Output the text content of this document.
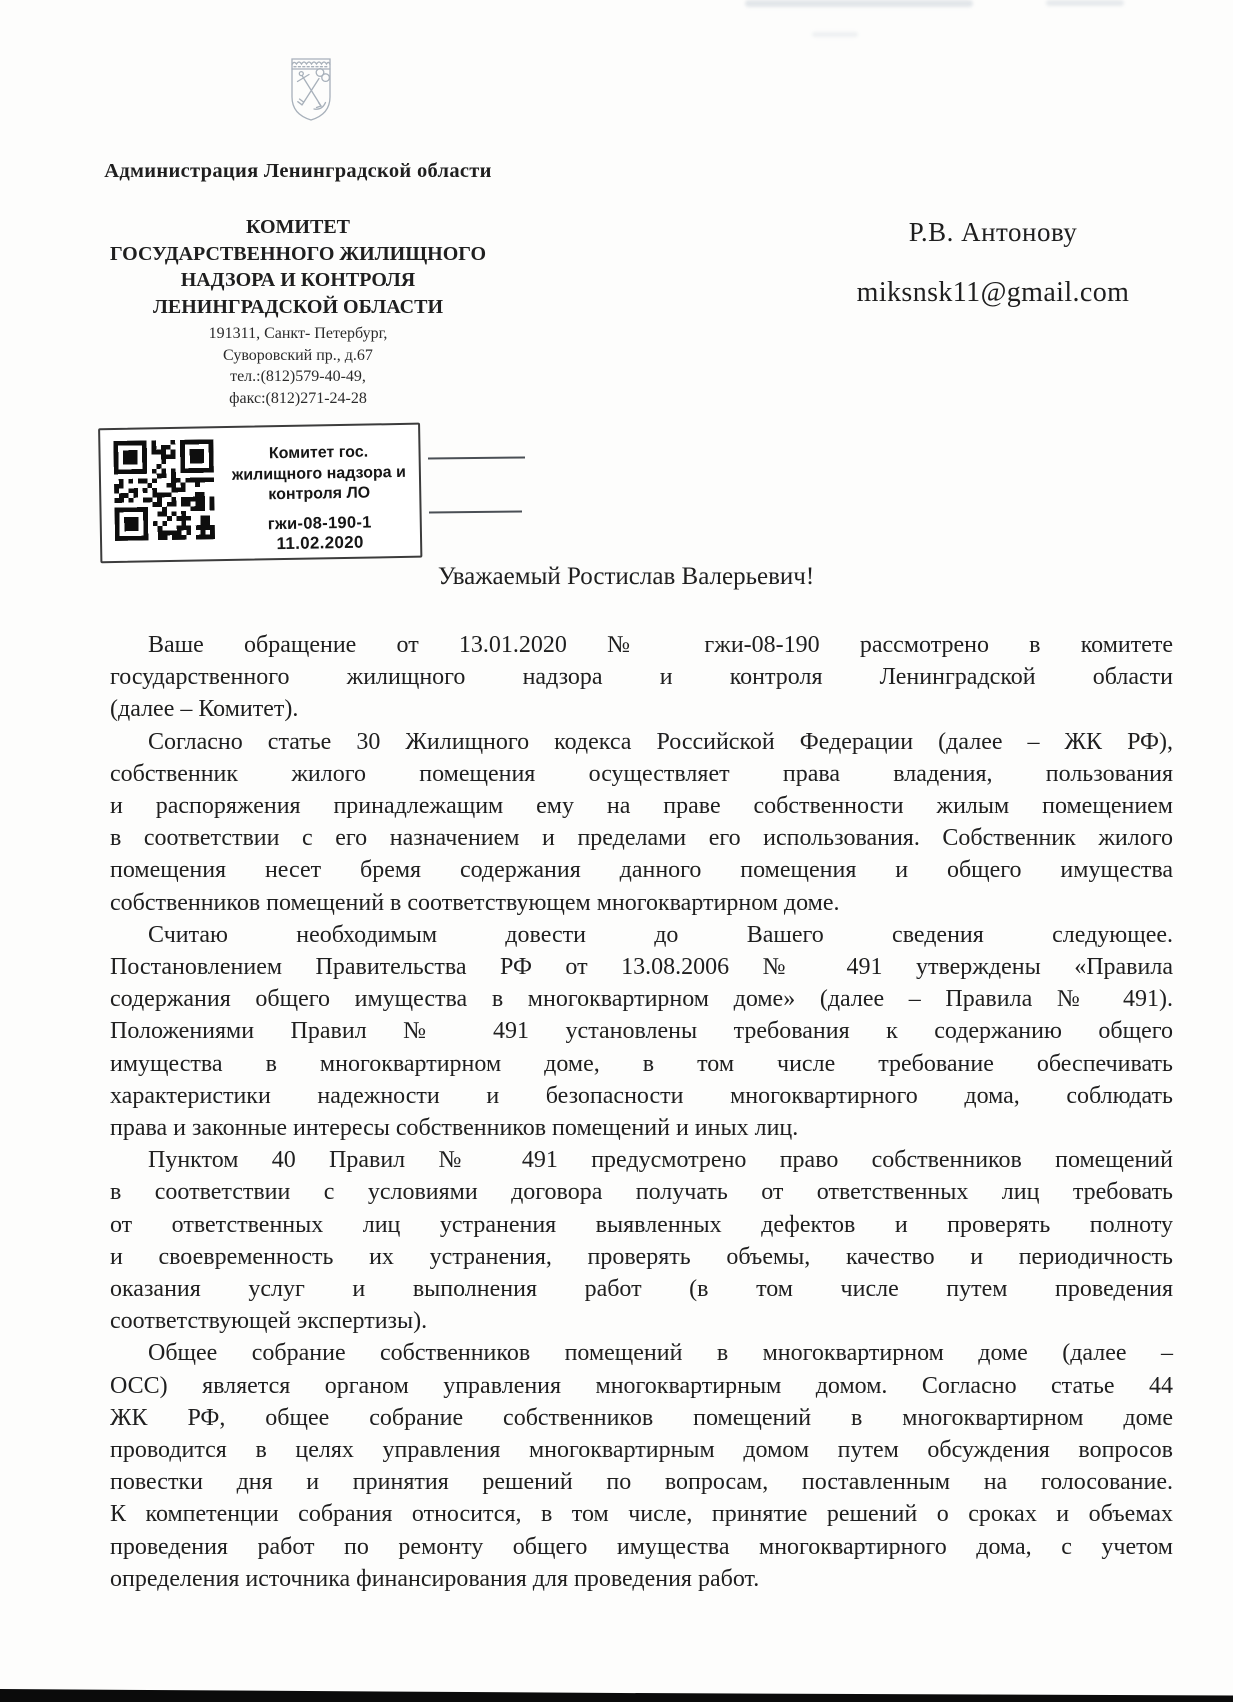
Администрация Ленинградской области
КОМИТЕТ
ГОСУДАРСТВЕННОГО ЖИЛИЩНОГО
НАДЗОРА И КОНТРОЛЯ
ЛЕНИНГРАДСКОЙ ОБЛАСТИ
191311, Санкт- Петербург,
Суворовский пр., д.67
тел.:(812)579-40-49,
факс:(812)271-24-28
Р.В. Антонову
miksnsk11@gmail.com
Комитет гос.
жилищного надзора и
контроля ЛО
гжи-08-190-1
11.02.2020
Уважаемый Ростислав Валерьевич!
Ваше обращение от 13.01.2020 № гжи-08-190 рассмотрено в комитете
государственного жилищного надзора и контроля Ленинградской области
(далее – Комитет).
Согласно статье 30 Жилищного кодекса Российской Федерации (далее – ЖК РФ),
собственник жилого помещения осуществляет права владения, пользования
и распоряжения принадлежащим ему на праве собственности жилым помещением
в соответствии с его назначением и пределами его использования. Собственник жилого
помещения несет бремя содержания данного помещения и общего имущества
собственников помещений в соответствующем многоквартирном доме.
Считаю необходимым довести до Вашего сведения следующее.
Постановлением Правительства РФ от 13.08.2006 № 491 утверждены «Правила
содержания общего имущества в многоквартирном доме» (далее – Правила № 491).
Положениями Правил № 491 установлены требования к содержанию общего
имущества в многоквартирном доме, в том числе требование обеспечивать
характеристики надежности и безопасности многоквартирного дома, соблюдать
права и законные интересы собственников помещений и иных лиц.
Пунктом 40 Правил № 491 предусмотрено право собственников помещений
в соответствии с условиями договора получать от ответственных лиц требовать
от ответственных лиц устранения выявленных дефектов и проверять полноту
и своевременность их устранения, проверять объемы, качество и периодичность
оказания услуг и выполнения работ (в том числе путем проведения
соответствующей экспертизы).
Общее собрание собственников помещений в многоквартирном доме (далее –
ОСС) является органом управления многоквартирным домом. Согласно статье 44
ЖК РФ, общее собрание собственников помещений в многоквартирном доме
проводится в целях управления многоквартирным домом путем обсуждения вопросов
повестки дня и принятия решений по вопросам, поставленным на голосование.
К компетенции собрания относится, в том числе, принятие решений о сроках и объемах
проведения работ по ремонту общего имущества многоквартирного дома, с учетом
определения источника финансирования для проведения работ.
